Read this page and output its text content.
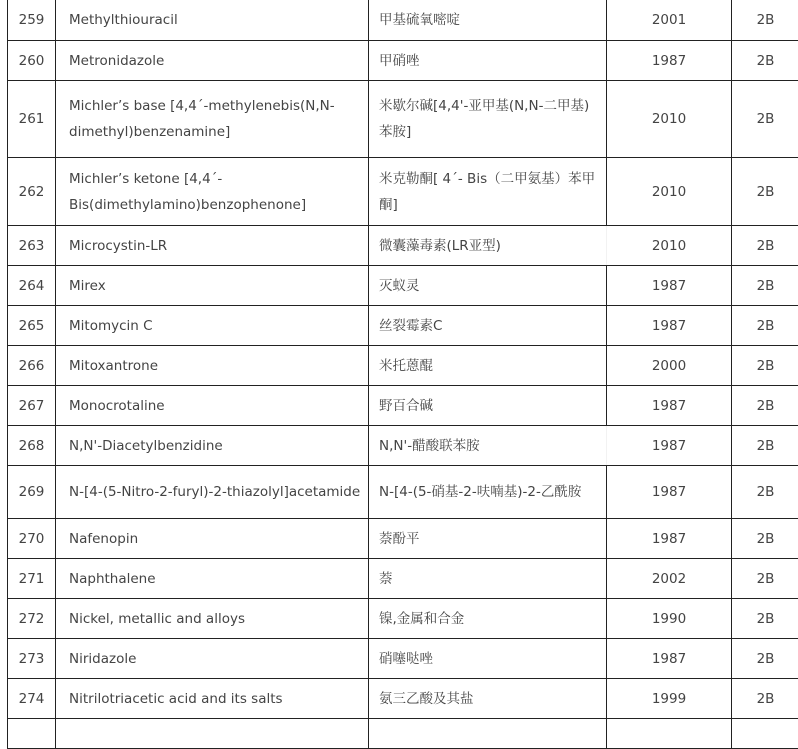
259	Methylthiouracil	甲基硫氧嘧啶	2001	2B
260	Metronidazole	甲硝唑	1987	2B
261	Michler’s base [4,4´-methylenebis(N,N-dimethyl)benzenamine]	米歇尔碱[4,4'-亚甲基(N,N-二甲基)苯胺]	2010	2B
262	Michler’s ketone [4,4´-Bis(dimethylamino)benzophenone]	米克勒酮[ 4´- Bis（二甲氨基）苯甲酮]	2010	2B
263	Microcystin-LR	微囊藻毒素(LR亚型)	2010	2B
264	Mirex	灭蚁灵	1987	2B
265	Mitomycin C	丝裂霉素C	1987	2B
266	Mitoxantrone	米托蒽醌	2000	2B
267	Monocrotaline	野百合碱	1987	2B
268	N,N'-Diacetylbenzidine	N,N'-醋酸联苯胺	1987	2B
269	N-[4-(5-Nitro-2-furyl)-2-thiazolyl]acetamide	N-[4-(5-硝基-2-呋喃基)-2-乙酰胺	1987	2B
270	Nafenopin	萘酚平	1987	2B
271	Naphthalene	萘	2002	2B
272	Nickel, metallic and alloys	镍,金属和合金	1990	2B
273	Niridazole	硝噻哒唑	1987	2B
274	Nitrilotriacetic acid and its salts	氨三乙酸及其盐	1999	2B
